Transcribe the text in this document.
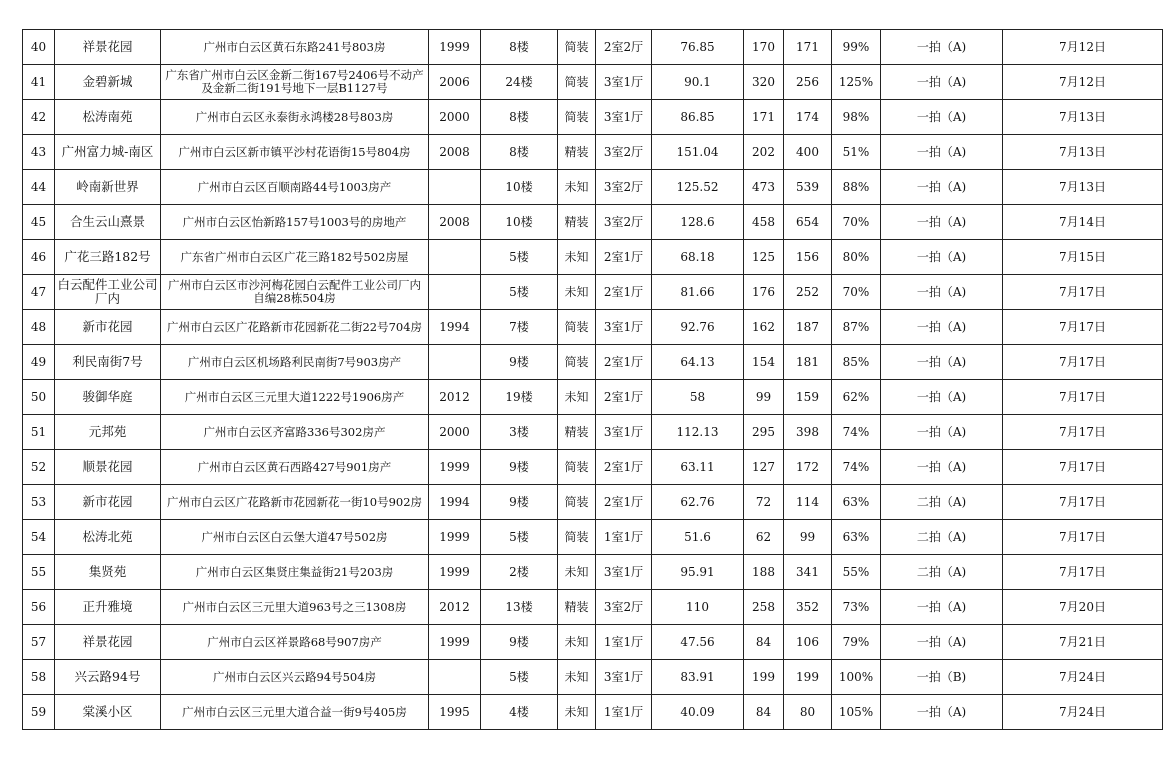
40	祥景花园	广州市白云区黄石东路241号803房	1999	8楼	简装	2室2厅	76.85	170	171	99%	一拍（A)	7月12日
41	金碧新城	广东省广州市白云区金新二街167号2406号不动产及金新二街191号地下一层B1127号	2006	24楼	简装	3室1厅	90.1	320	256	125%	一拍（A)	7月12日
42	松涛南苑	广州市白云区永泰街永鸿楼28号803房	2000	8楼	简装	3室1厅	86.85	171	174	98%	一拍（A)	7月13日
43	广州富力城-南区	广州市白云区新市镇平沙村花语街15号804房	2008	8楼	精装	3室2厅	151.04	202	400	51%	一拍（A)	7月13日
44	岭南新世界	广州市白云区百顺南路44号1003房产		10楼	未知	3室2厅	125.52	473	539	88%	一拍（A)	7月13日
45	合生云山熹景	广州市白云区怡新路157号1003号的房地产	2008	10楼	精装	3室2厅	128.6	458	654	70%	一拍（A)	7月14日
46	广花三路182号	广东省广州市白云区广花三路182号502房屋		5楼	未知	2室1厅	68.18	125	156	80%	一拍（A)	7月15日
47	白云配件工业公司厂内	广州市白云区市沙河梅花园白云配件工业公司厂内自编28栋504房		5楼	未知	2室1厅	81.66	176	252	70%	一拍（A)	7月17日
48	新市花园	广州市白云区广花路新市花园新花二街22号704房	1994	7楼	简装	3室1厅	92.76	162	187	87%	一拍（A)	7月17日
49	利民南街7号	广州市白云区机场路利民南街7号903房产		9楼	简装	2室1厅	64.13	154	181	85%	一拍（A)	7月17日
50	骏御华庭	广州市白云区三元里大道1222号1906房产	2012	19楼	未知	2室1厅	58	99	159	62%	一拍（A)	7月17日
51	元邦苑	广州市白云区齐富路336号302房产	2000	3楼	精装	3室1厅	112.13	295	398	74%	一拍（A)	7月17日
52	顺景花园	广州市白云区黄石西路427号901房产	1999	9楼	简装	2室1厅	63.11	127	172	74%	一拍（A)	7月17日
53	新市花园	广州市白云区广花路新市花园新花一街10号902房	1994	9楼	简装	2室1厅	62.76	72	114	63%	二拍（A)	7月17日
54	松涛北苑	广州市白云区白云堡大道47号502房	1999	5楼	简装	1室1厅	51.6	62	99	63%	二拍（A)	7月17日
55	集贤苑	广州市白云区集贤庄集益街21号203房	1999	2楼	未知	3室1厅	95.91	188	341	55%	二拍（A)	7月17日
56	正升雅境	广州市白云区三元里大道963号之三1308房	2012	13楼	精装	3室2厅	110	258	352	73%	一拍（A)	7月20日
57	祥景花园	广州市白云区祥景路68号907房产	1999	9楼	未知	1室1厅	47.56	84	106	79%	一拍（A)	7月21日
58	兴云路94号	广州市白云区兴云路94号504房		5楼	未知	3室1厅	83.91	199	199	100%	一拍（B)	7月24日
59	棠溪小区	广州市白云区三元里大道合益一街9号405房	1995	4楼	未知	1室1厅	40.09	84	80	105%	一拍（A)	7月24日
